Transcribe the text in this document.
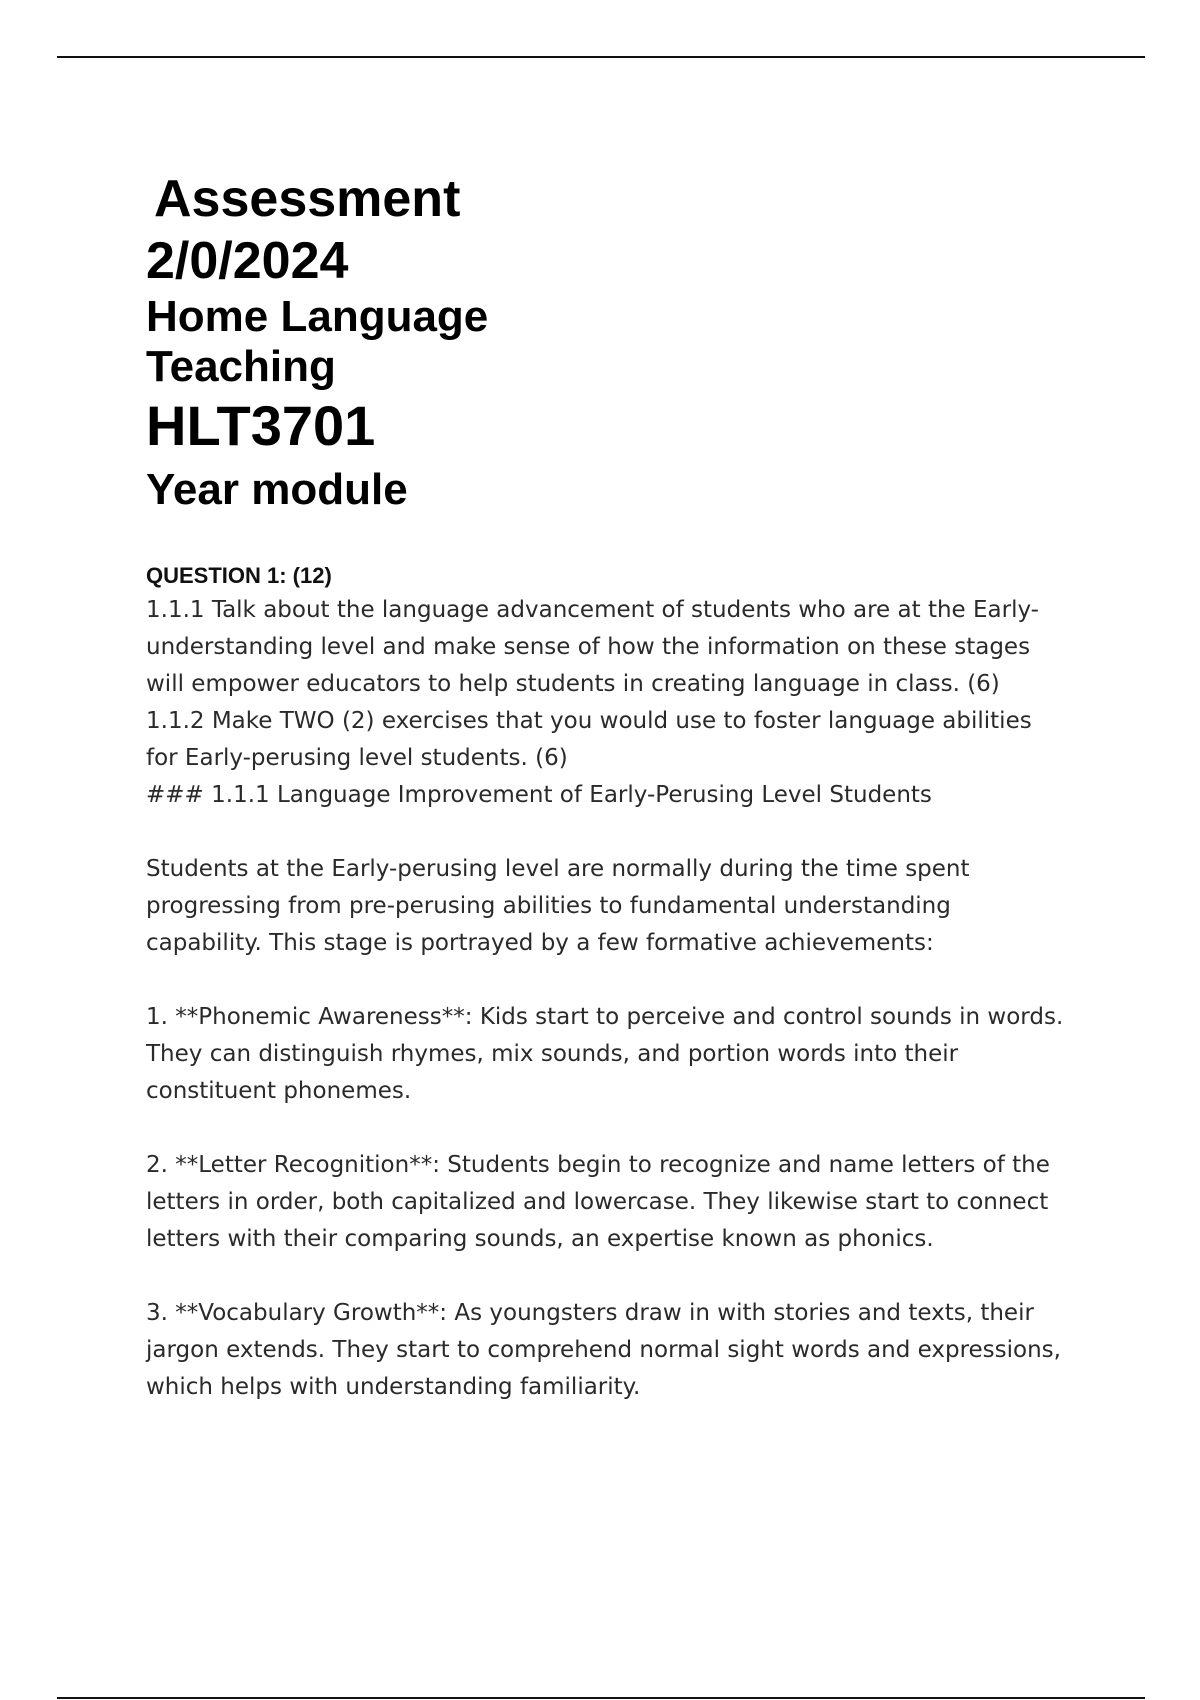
Assessment
2/0/2024
Home Language
Teaching
HLT3701
Year module

QUESTION 1: (12)

1.1.1 Talk about the language advancement of students who are at the Early-understanding level and make sense of how the information on these stages will empower educators to help students in creating language in class. (6)

1.1.2 Make TWO (2) exercises that you would use to foster language abilities for Early-perusing level students. (6)

### 1.1.1 Language Improvement of Early-Perusing Level Students

Students at the Early-perusing level are normally during the time spent progressing from pre-perusing abilities to fundamental understanding capability. This stage is portrayed by a few formative achievements:

1. **Phonemic Awareness**: Kids start to perceive and control sounds in words. They can distinguish rhymes, mix sounds, and portion words into their constituent phonemes.

2. **Letter Recognition**: Students begin to recognize and name letters of the letters in order, both capitalized and lowercase. They likewise start to connect letters with their comparing sounds, an expertise known as phonics.

3. **Vocabulary Growth**: As youngsters draw in with stories and texts, their jargon extends. They start to comprehend normal sight words and expressions, which helps with understanding familiarity.
